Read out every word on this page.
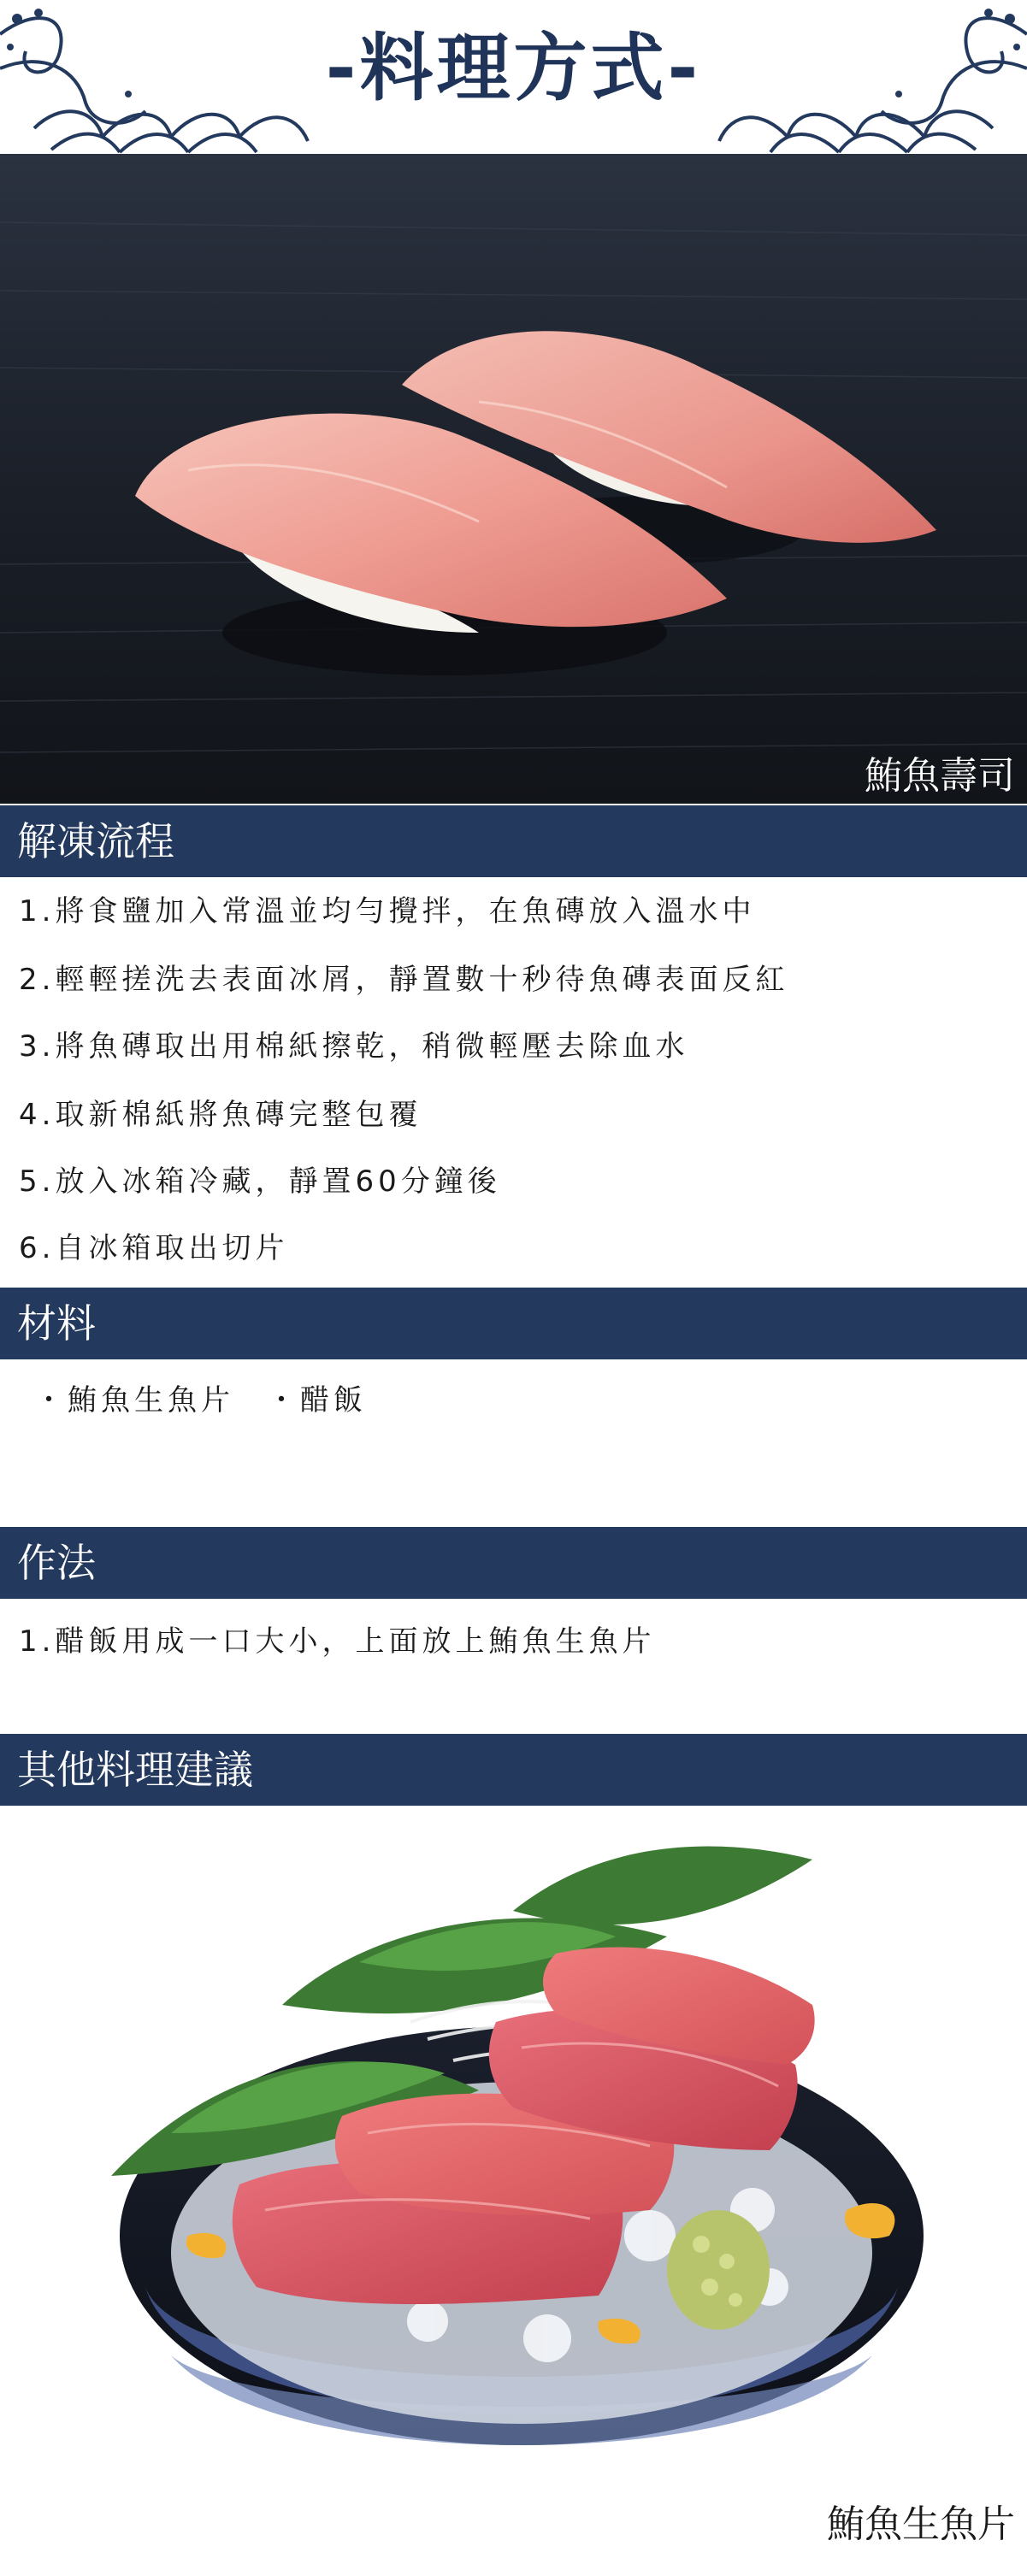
-料理方式-
鮪魚壽司
解凍流程
1.將食鹽加入常溫並均勻攪拌，在魚磚放入溫水中
2.輕輕搓洗去表面冰屑，靜置數十秒待魚磚表面反紅
3.將魚磚取出用棉紙擦乾，稍微輕壓去除血水
4.取新棉紙將魚磚完整包覆
5.放入冰箱冷藏，靜置60分鐘後
6.自冰箱取出切片
材料
・鮪魚生魚片 ・醋飯
作法
1.醋飯用成一口大小，上面放上鮪魚生魚片
其他料理建議
鮪魚生魚片
